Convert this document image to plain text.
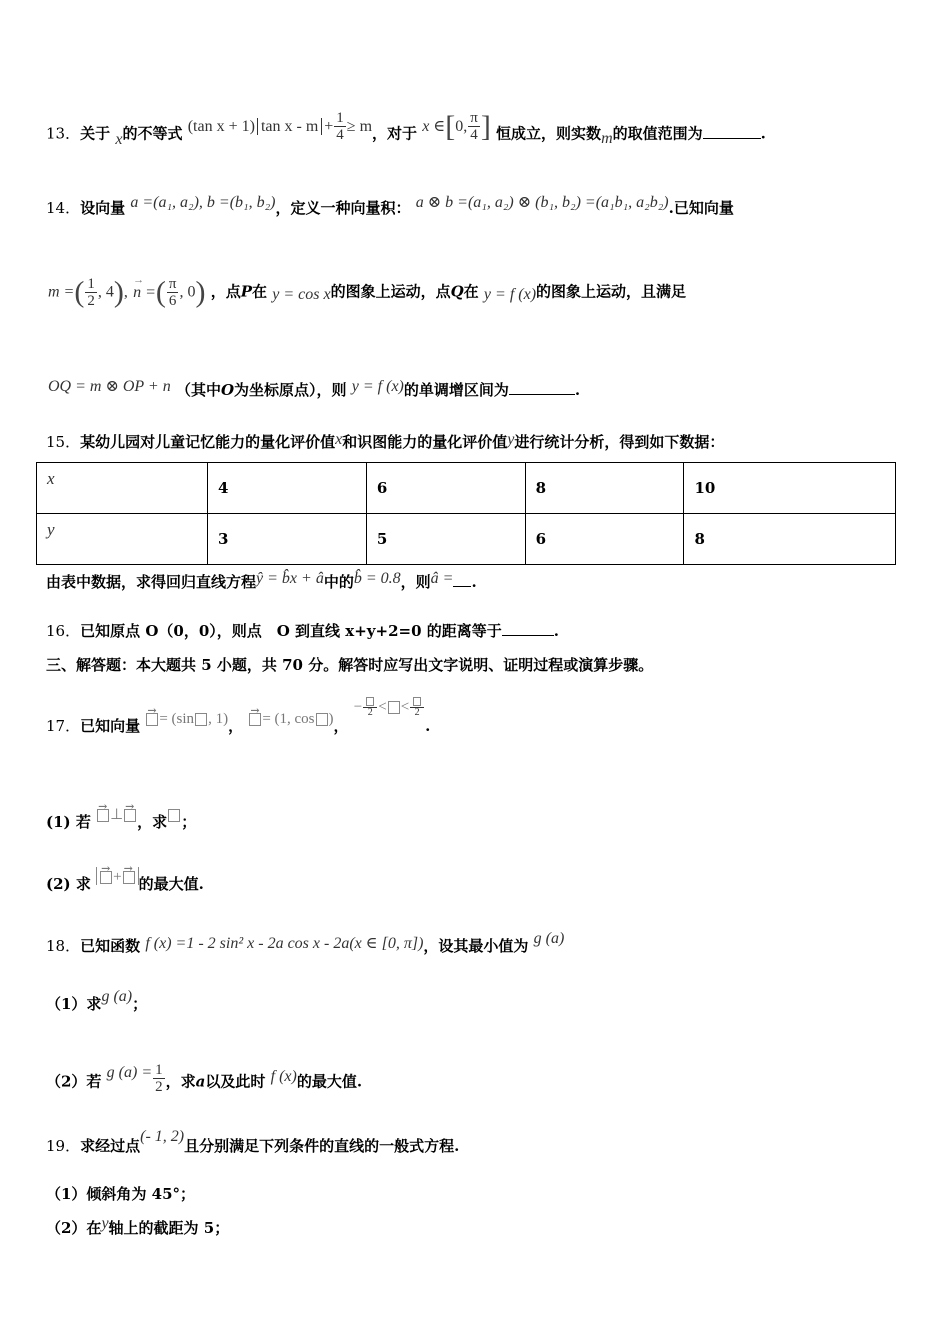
13．关于 x的不等式 (tan x + 1) $\tan x - m + \frac{1}{4} \ge m$，对于 x ∈[0, $\frac{\pi}{4}$ ] 恒成立，则实数m的取值范围为	.
14．设向量 a =(a₁, a₂), b =(b₁, b₂)，定义一种向量积： a ⊗ b =(a₁, a₂) ⊗ (b₁, b₂) =(a₁b₁, a₂b₂).已知向量
m =( $\frac{1}{2}$ , 4), → n =( $\frac{\pi}{6}$ , 0) ，点P在 y = cos x的图象上运动，点Q在 y = f (x)的图象上运动，且满足
OQ = m ⊗ OP + n （其中O为坐标原点），则 y = f (x)的单调增区间为	.
15．某幼儿园对儿童记忆能力的量化评价值x和识图能力的量化评价值y进行统计分析，得到如下数据：
x	4	6	8	10
y	3	5	6	8
由表中数据，求得回归直线方程ŷ = b̂x + â中的b̂ = 0.8，则â = .
16．已知原点 O（0，0），则点　O 到直线 x+y+2=0 的距离等于	.
三、解答题：本大题共 5 小题，共 70 分。解答时应写出文字说明、证明过程或演算步骤。
17．已知向量 → = (sin , 1)， → = (1, cos )， − 2 < < 2
.
(1) 若 → ⊥ → ，求 ；
(2) 求 → + → 的最大值.
18．已知函数 f (x) =1 - 2 sin² x - 2a cos x - 2a(x ∈ [0, π])，设其最小值为 g (a)
（1）求g (a)；
（2）若 g $(a) = \frac{1}{2}$ ，求a以及此时 f (x)的最大值.
19．求经过点(- 1, 2)且分别满足下列条件的直线的一般式方程.
（1）倾斜角为 45°；
（2）在y轴上的截距为 5；
